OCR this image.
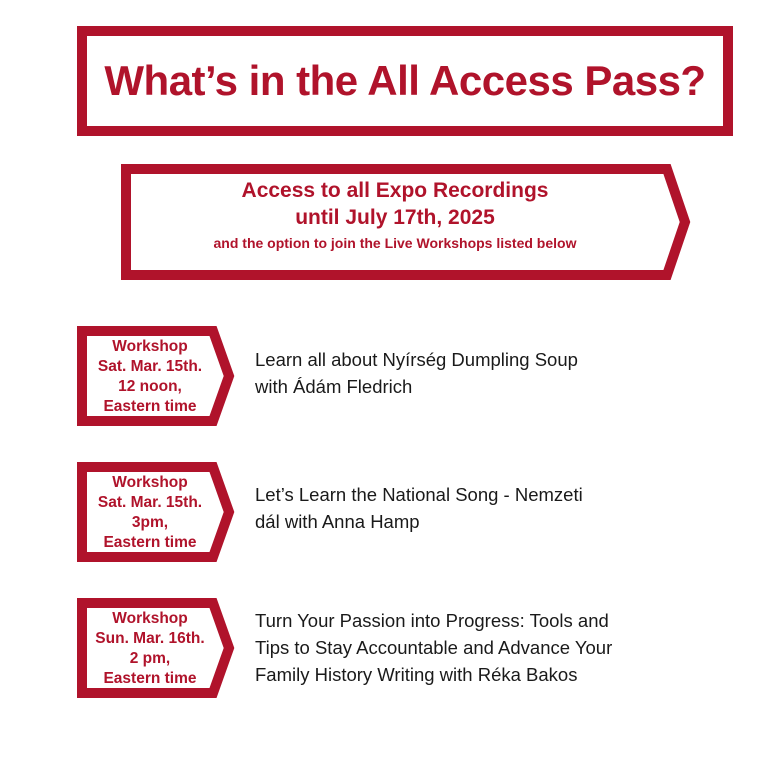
What’s in the All Access Pass?
Access to all Expo Recordings
until July 17th, 2025
and the option to join the Live Workshops listed below
Workshop
Sat. Mar. 15th.
12 noon,
Eastern time
Learn all about Nyírség Dumpling Soup
with Ádám Fledrich
Workshop
Sat. Mar. 15th.
3pm,
Eastern time
Let’s Learn the National Song - Nemzeti
dál with Anna Hamp
Workshop
Sun. Mar. 16th.
2 pm,
Eastern time
Turn Your Passion into Progress: Tools and
Tips to Stay Accountable and Advance Your
Family History Writing with Réka Bakos
